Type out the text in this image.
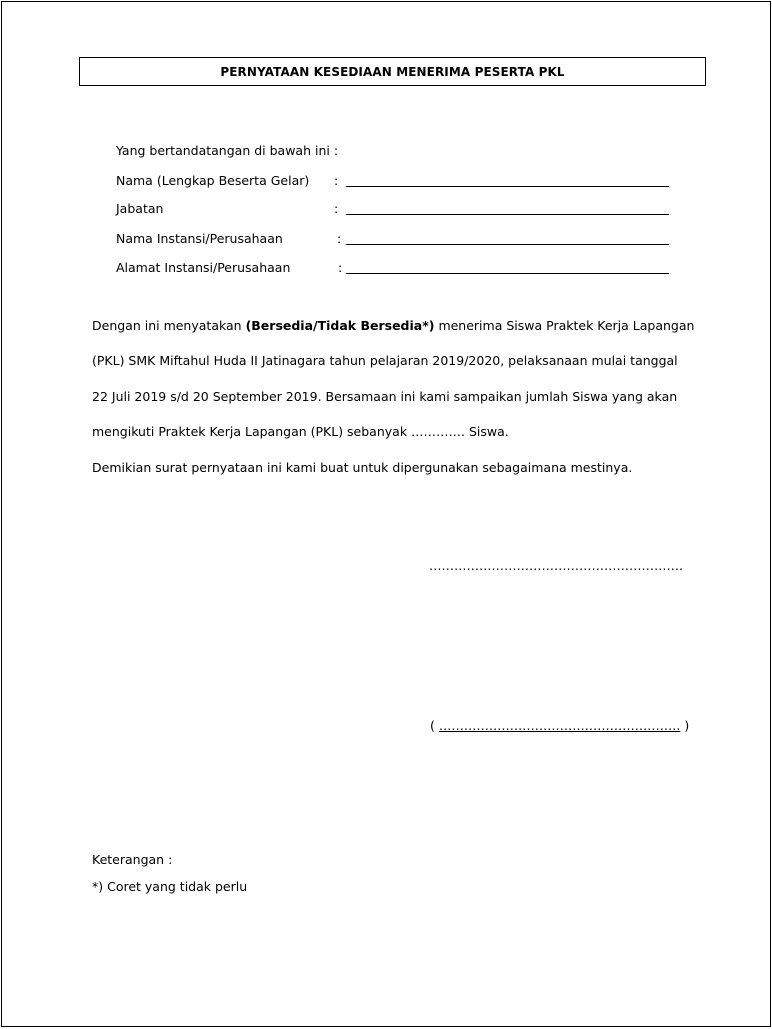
PERNYATAAN KESEDIAAN MENERIMA PESERTA PKL
Yang bertandatangan di bawah ini :
Nama (Lengkap Beserta Gelar) :
Jabatan	:
Nama Instansi/Perusahaan	:
Alamat Instansi/Perusahaan	:
Dengan ini menyatakan (Bersedia/Tidak Bersedia*) menerima Siswa Praktek Kerja Lapangan
(PKL) SMK Miftahul Huda II Jatinagara tahun pelajaran 2019/2020, pelaksanaan mulai tanggal
22 Juli 2019 s/d 20 September 2019. Bersamaan ini kami sampaikan jumlah Siswa yang akan
mengikuti Praktek Kerja Lapangan (PKL) sebanyak …………. Siswa.
Demikian surat pernyataan ini kami buat untuk dipergunakan sebagaimana mestinya.
…………………………………………………….
( …………………………………………………. )
Keterangan :
*) Coret yang tidak perlu
